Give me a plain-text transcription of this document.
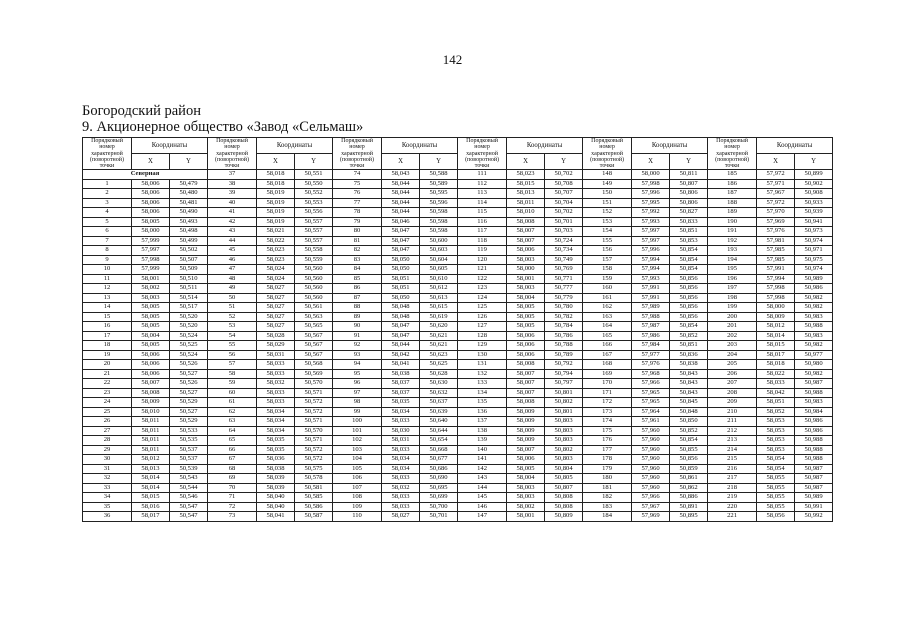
142
Богородский район
9. Акционерное общество «Завод «Сельмаш»
Порядковый номер характерной (поворотной) точки	Координаты		Порядковый номер характерной (поворотной) точки	Координаты		Порядковый номер характерной (поворотной) точки	Координаты		Порядковый номер характерной (поворотной) точки	Координаты		Порядковый номер характерной (поворотной) точки	Координаты		Порядковый номер характерной (поворотной) точки	Координаты	
	X	Y		X	Y		X	Y		X	Y		X	Y		X	Y
Северная			37	58,018	50,551	74	58,043	50,588	111	58,023	50,702	148	58,000	50,811	185	57,972	50,899
1	58,006	50,479	38	58,018	50,550	75	58,044	50,589	112	58,015	50,708	149	57,998	50,807	186	57,971	50,902
2	58,006	50,480	39	58,019	50,552	76	58,044	50,595	113	58,013	50,707	150	57,996	50,806	187	57,967	50,908
3	58,006	50,481	40	58,019	50,553	77	58,044	50,596	114	58,011	50,704	151	57,995	50,806	188	57,972	50,933
4	58,006	50,490	41	58,019	50,556	78	58,044	50,598	115	58,010	50,702	152	57,992	50,827	189	57,970	50,939
5	58,005	50,493	42	58,019	50,557	79	58,046	50,598	116	58,008	50,701	153	57,993	50,833	190	57,969	50,941
6	58,000	50,498	43	58,021	50,557	80	58,047	50,598	117	58,007	50,703	154	57,997	50,851	191	57,976	50,973
7	57,999	50,499	44	58,022	50,557	81	58,047	50,600	118	58,007	50,724	155	57,997	50,853	192	57,981	50,974
8	57,997	50,502	45	58,023	50,558	82	58,047	50,603	119	58,006	50,734	156	57,996	50,854	193	57,985	50,971
9	57,998	50,507	46	58,023	50,559	83	58,050	50,604	120	58,003	50,749	157	57,994	50,854	194	57,985	50,975
10	57,999	50,509	47	58,024	50,560	84	58,050	50,605	121	58,000	50,769	158	57,994	50,854	195	57,991	50,974
11	58,001	50,510	48	58,024	50,560	85	58,051	50,610	122	58,001	50,771	159	57,993	50,856	196	57,994	50,989
12	58,002	50,511	49	58,027	50,560	86	58,051	50,612	123	58,003	50,777	160	57,991	50,856	197	57,998	50,986
13	58,003	50,514	50	58,027	50,560	87	58,050	50,613	124	58,004	50,779	161	57,991	50,856	198	57,998	50,982
14	58,005	50,517	51	58,027	50,561	88	58,048	50,615	125	58,005	50,780	162	57,989	50,856	199	58,000	50,982
15	58,005	50,520	52	58,027	50,563	89	58,048	50,619	126	58,005	50,782	163	57,988	50,856	200	58,009	50,983
16	58,005	50,520	53	58,027	50,565	90	58,047	50,620	127	58,005	50,784	164	57,987	50,854	201	58,012	50,988
17	58,004	50,524	54	58,028	50,567	91	58,047	50,621	128	58,006	50,786	165	57,986	50,852	202	58,014	50,983
18	58,005	50,525	55	58,029	50,567	92	58,044	50,621	129	58,006	50,788	166	57,984	50,851	203	58,015	50,982
19	58,006	50,524	56	58,031	50,567	93	58,042	50,623	130	58,006	50,789	167	57,977	50,836	204	58,017	50,977
20	58,006	50,526	57	58,033	50,568	94	58,041	50,625	131	58,008	50,792	168	57,976	50,838	205	58,018	50,980
21	58,006	50,527	58	58,033	50,569	95	58,038	50,628	132	58,007	50,794	169	57,968	50,843	206	58,022	50,982
22	58,007	50,526	59	58,032	50,570	96	58,037	50,630	133	58,007	50,797	170	57,966	50,843	207	58,033	50,987
23	58,008	50,527	60	58,033	50,571	97	58,037	50,632	134	58,007	50,801	171	57,965	50,843	208	58,042	50,988
24	58,009	50,529	61	58,033	50,572	98	58,035	50,637	135	58,008	50,802	172	57,965	50,845	209	58,051	50,983
25	58,010	50,527	62	58,034	50,572	99	58,034	50,639	136	58,009	50,801	173	57,964	50,848	210	58,052	50,984
26	58,011	50,529	63	58,034	50,571	100	58,033	50,640	137	58,009	50,803	174	57,961	50,850	211	58,053	50,986
27	58,011	50,533	64	58,034	50,570	101	58,030	50,644	138	58,009	50,803	175	57,960	50,852	212	58,053	50,986
28	58,011	50,535	65	58,035	50,571	102	58,031	50,654	139	58,009	50,803	176	57,960	50,854	213	58,053	50,988
29	58,011	50,537	66	58,035	50,572	103	58,033	50,668	140	58,007	50,802	177	57,960	50,855	214	58,053	50,988
30	58,012	50,537	67	58,036	50,572	104	58,034	50,677	141	58,006	50,803	178	57,960	50,856	215	58,054	50,988
31	58,013	50,539	68	58,038	50,575	105	58,034	50,686	142	58,005	50,804	179	57,960	50,859	216	58,054	50,987
32	58,014	50,543	69	58,039	50,578	106	58,033	50,690	143	58,004	50,805	180	57,960	50,861	217	58,055	50,987
33	58,014	50,544	70	58,039	50,581	107	58,032	50,695	144	58,003	50,807	181	57,960	50,862	218	58,055	50,987
34	58,015	50,546	71	58,040	50,585	108	58,033	50,699	145	58,003	50,808	182	57,966	50,886	219	58,055	50,989
35	58,016	50,547	72	58,040	50,586	109	58,033	50,700	146	58,002	50,808	183	57,967	50,891	220	58,055	50,991
36	58,017	50,547	73	58,041	50,587	110	58,027	50,701	147	58,001	50,809	184	57,969	50,895	221	58,056	50,992
